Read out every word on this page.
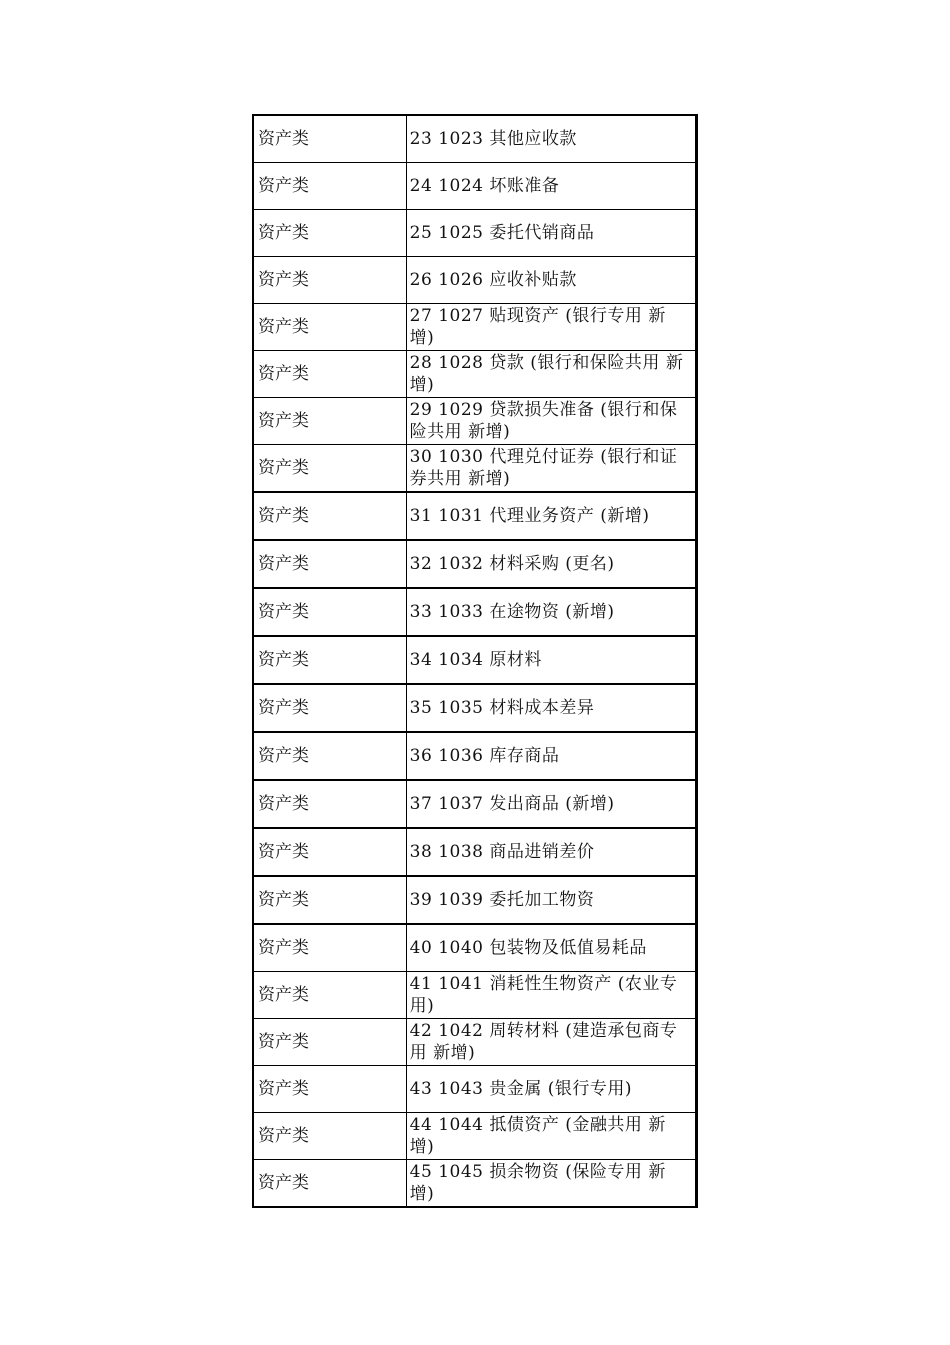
资产类	23 1023 其他应收款
资产类	24 1024 坏账准备
资产类	25 1025 委托代销商品
资产类	26 1026 应收补贴款
资产类	27 1027 贴现资产 (银行专用 新增)
资产类	28 1028 贷款 (银行和保险共用 新增)
资产类	29 1029 贷款损失准备 (银行和保险共用 新增)
资产类	30 1030 代理兑付证券 (银行和证券共用 新增)
资产类	31 1031 代理业务资产 (新增)
资产类	32 1032 材料采购 (更名)
资产类	33 1033 在途物资 (新增)
资产类	34 1034 原材料
资产类	35 1035 材料成本差异
资产类	36 1036 库存商品
资产类	37 1037 发出商品 (新增)
资产类	38 1038 商品进销差价
资产类	39 1039 委托加工物资
资产类	40 1040 包装物及低值易耗品
资产类	41 1041 消耗性生物资产 (农业专用)
资产类	42 1042 周转材料 (建造承包商专用 新增)
资产类	43 1043 贵金属 (银行专用)
资产类	44 1044 抵债资产 (金融共用 新增)
资产类	45 1045 损余物资 (保险专用 新增)
